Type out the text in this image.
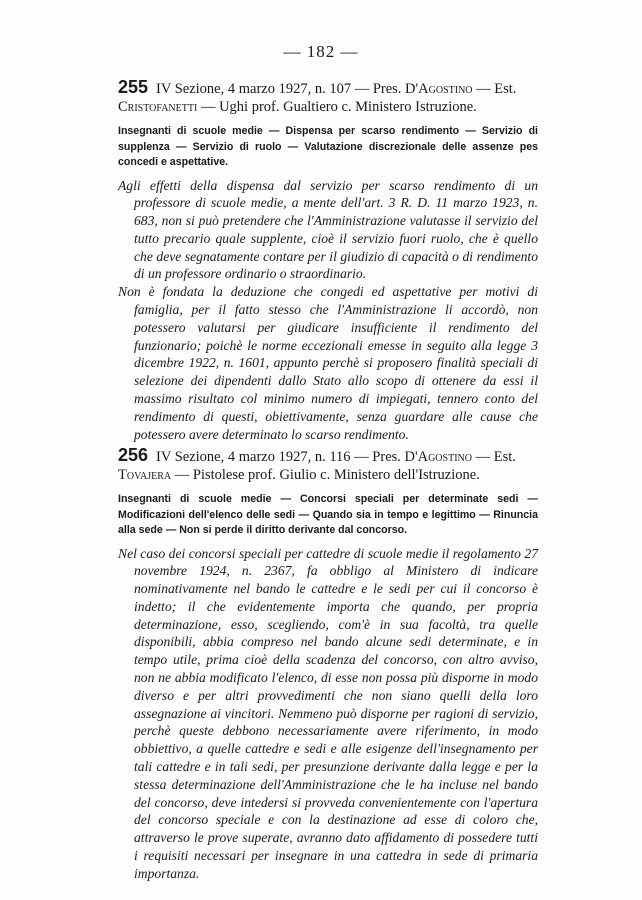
— 182 —

255 IV Sezione, 4 marzo 1927, n. 107 — Pres. D'Agostino — Est. Cristofanetti — Ughi prof. Gualtiero c. Ministero Istruzione.

Insegnanti di scuole medie — Dispensa per scarso rendimento — Servizio di supplenza — Servizio di ruolo — Valutazione discrezionale delle assenze pes concedi e aspettative.

Agli effetti della dispensa dal servizio per scarso rendimento di un professore di scuole medie, a mente dell'art. 3 R. D. 11 marzo 1923, n. 683, non si può pretendere che l'Amministrazione valutasse il servizio del tutto precario quale supplente, cioè il servizio fuori ruolo, che è quello che deve segnatamente contare per il giudizio di capacità o di rendimento di un professore ordinario o straordinario.

Non è fondata la deduzione che congedi ed aspettative per motivi di famiglia, per il fatto stesso che l'Amministrazione li accordò, non potessero valutarsi per giudicare insufficiente il rendimento del funzionario; poichè le norme eccezionali emesse in seguito alla legge 3 dicembre 1922, n. 1601, appunto perchè si proposero finalità speciali di selezione dei dipendenti dallo Stato allo scopo di ottenere da essi il massimo risultato col minimo numero di impiegati, tennero conto del rendimento di questi, obiettivamente, senza guardare alle cause che potessero avere determinato lo scarso rendimento.

256 IV Sezione, 4 marzo 1927, n. 116 — Pres. D'Agostino — Est. Tovajera — Pistolese prof. Giulio c. Ministero dell'Istruzione.

Insegnanti di scuole medie — Concorsi speciali per determinate sedi — Modificazioni dell'elenco delle sedi — Quando sia in tempo e legittimo — Rinuncia alla sede — Non si perde il diritto derivante dal concorso.

Nel caso dei concorsi speciali per cattedre di scuole medie il regolamento 27 novembre 1924, n. 2367, fa obbligo al Ministero di indicare nominativamente nel bando le cattedre e le sedi per cui il concorso è indetto; il che evidentemente importa che quando, per propria determinazione, esso, scegliendo, com'è in sua facoltà, tra quelle disponibili, abbia compreso nel bando alcune sedi determinate, e in tempo utile, prima cioè della scadenza del concorso, con altro avviso, non ne abbia modificato l'elenco, di esse non possa più disporne in modo diverso e per altri provvedimenti che non siano quelli della loro assegnazione ai vincitori. Nemmeno può disporne per ragioni di servizio, perchè queste debbono necessariamente avere riferimento, in modo obbiettivo, a quelle cattedre e sedi e alle esigenze dell'insegnamento per tali cattedre e in tali sedi, per presunzione derivante dalla legge e per la stessa determinazione dell'Amministrazione che le ha incluse nel bando del concorso, deve intedersi si provveda convenientemente con l'apertura del concorso speciale e con la destinazione ad esse di coloro che, attraverso le prove superate, avranno dato affidamento di possedere tutti i requisiti necessari per insegnare in una cattedra in sede di primaria importanza.
